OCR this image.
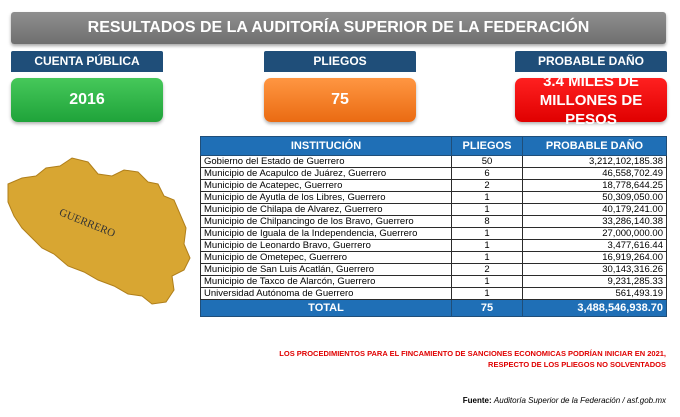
RESULTADOS DE LA AUDITORÍA SUPERIOR DE LA FEDERACIÓN
CUENTA PÚBLICA
2016
PLIEGOS
75
PROBABLE DAÑO
3.4 MILES DE
MILLONES DE PESOS
GUERRERO
INSTITUCIÓN	PLIEGOS	PROBABLE DAÑO
Gobierno del Estado de Guerrero	50	3,212,102,185.38
Municipio de Acapulco de Juárez, Guerrero	6	46,558,702.49
Municipio de Acatepec, Guerrero	2	18,778,644.25
Municipio de Ayutla de los Libres, Guerrero	1	50,309,050.00
Municipio de Chilapa de Alvarez, Guerrero	1	40,179,241.00
Municipio de Chilpancingo de los Bravo, Guerrero	8	33,286,140.38
Municipio de Iguala de la Independencia, Guerrero	1	27,000,000.00
Municipio de Leonardo Bravo, Guerrero	1	3,477,616.44
Municipio de Ometepec, Guerrero	1	16,919,264.00
Municipio de San Luis Acatlán, Guerrero	2	30,143,316.26
Municipio de Taxco de Alarcón, Guerrero	1	9,231,285.33
Universidad Autónoma de Guerrero	1	561,493.19
TOTAL	75	3,488,546,938.70
LOS PROCEDIMIENTOS PARA EL FINCAMIENTO DE SANCIONES ECONOMICAS PODRÍAN INICIAR EN 2021,
RESPECTO DE LOS PLIEGOS NO SOLVENTADOS
Fuente: Auditoría Superior de la Federación / asf.gob.mx
